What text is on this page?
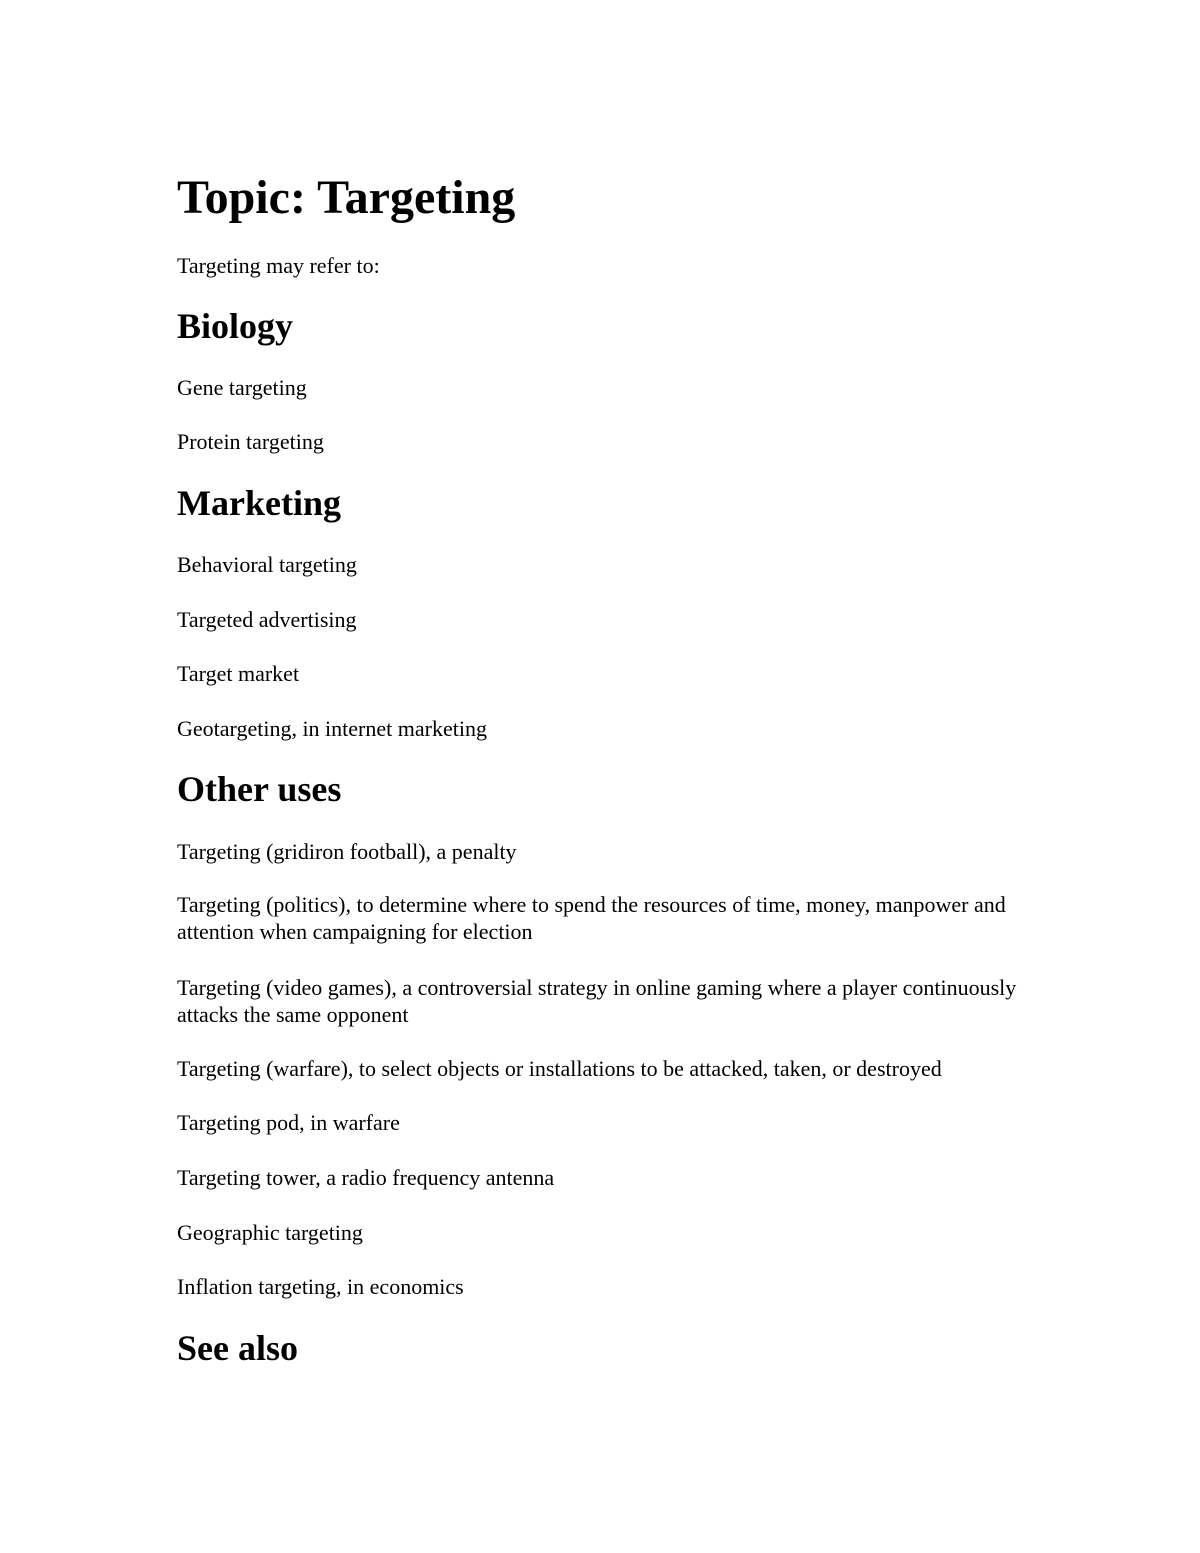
Topic: Targeting

Targeting may refer to:

Biology

Gene targeting

Protein targeting

Marketing

Behavioral targeting

Targeted advertising

Target market

Geotargeting, in internet marketing

Other uses

Targeting (gridiron football), a penalty

Targeting (politics), to determine where to spend the resources of time, money, manpower and attention when campaigning for election

Targeting (video games), a controversial strategy in online gaming where a player continuously attacks the same opponent

Targeting (warfare), to select objects or installations to be attacked, taken, or destroyed

Targeting pod, in warfare

Targeting tower, a radio frequency antenna

Geographic targeting

Inflation targeting, in economics

See also
